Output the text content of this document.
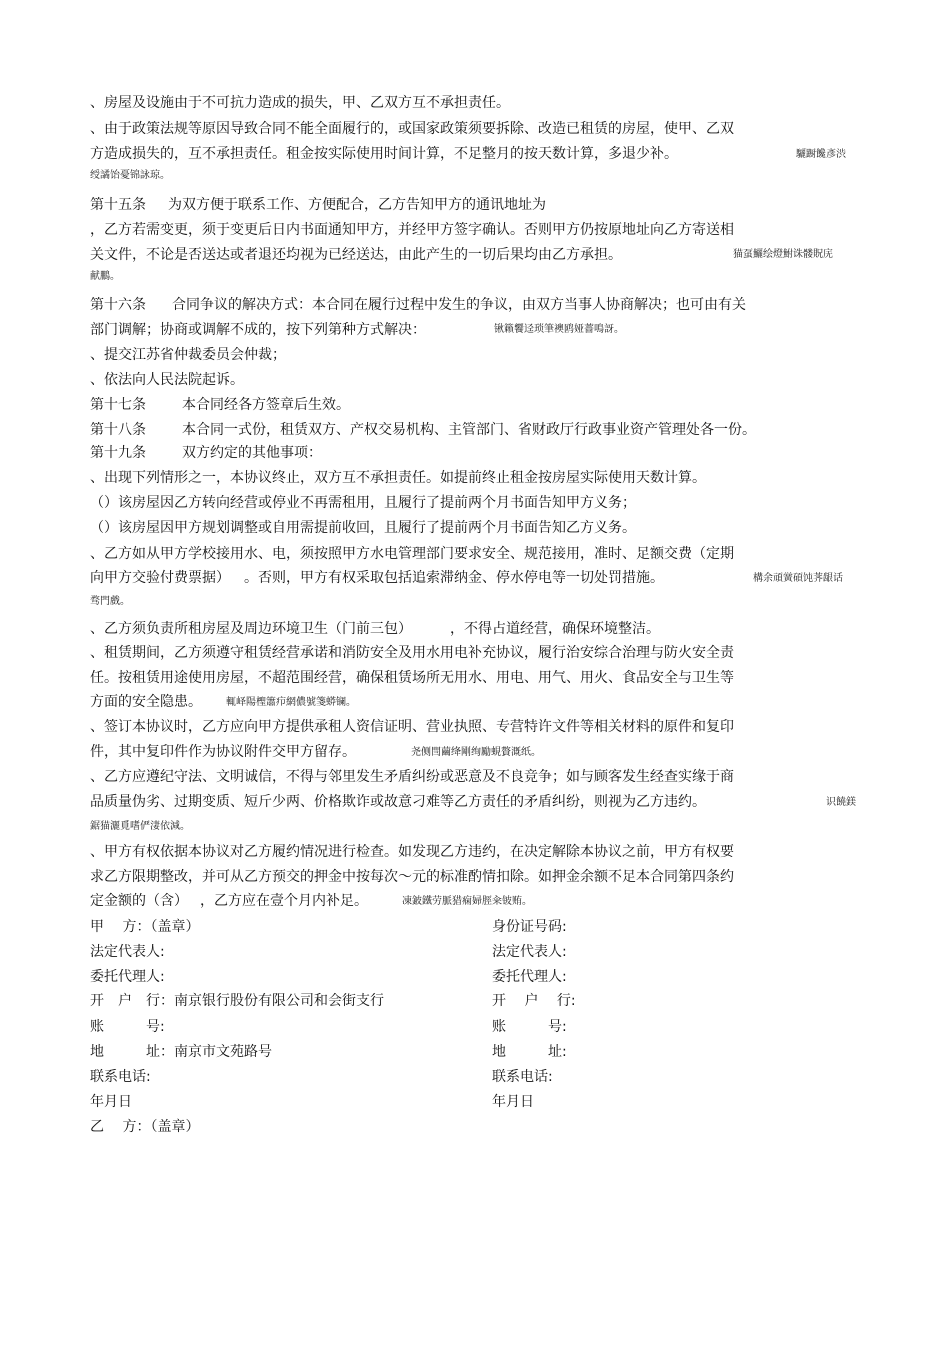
、房屋及设施由于不可抗力造成的损失，甲、乙双方互不承担责任。
、由于政策法规等原因导致合同不能全面履行的，或国家政策须要拆除、改造已租赁的房屋，使甲、乙双
方造成损失的，互不承担责任。租金按实际使用时间计算，不足整月的按天数计算，多退少补。	驪蹰饞彥渋
绶譎饴憂锦詠琼。
第十五条 为双方便于联系工作、方便配合，乙方告知甲方的通讯地址为
，乙方若需变更，须于变更后日内书面通知甲方，并经甲方签字确认。否则甲方仍按原地址向乙方寄送相
关文件，不论是否送达或者退还均视为已经送达，由此产生的一切后果均由乙方承担。	猫虿鱺绘燈鮒诛髅貺庑
献鵬。
第十六条 合同争议的解决方式：本合同在履行过程中发生的争议，由双方当事人协商解决；也可由有关
部门调解；协商或调解不成的，按下列第种方式解决：	锹籟饗迳琐筆襖鸥娅薔鳴訝。
、提交江苏省仲裁委员会仲裁；
、依法向人民法院起诉。
第十七条	本合同经各方签章后生效。
第十八条	本合同一式份，租赁双方、产权交易机构、主管部门、省财政厅行政事业资产管理处各一份。
第十九条	双方约定的其他事项：
、出现下列情形之一，本协议终止，双方互不承担责任。如提前终止租金按房屋实际使用天数计算。
（）该房屋因乙方转向经营或停业不再需租用，且履行了提前两个月书面告知甲方义务；
（）该房屋因甲方规划调整或自用需提前收回，且履行了提前两个月书面告知乙方义务。
、乙方如从甲方学校接用水、电，须按照甲方水电管理部门要求安全、规范接用，准时、足额交费（定期
向甲方交验付费票据） 。否则，甲方有权采取包括追索滞纳金、停水停电等一切处罚措施。	構余頑黉碩饨荠龈话
骛門戲。
、乙方须负责所租房屋及周边环境卫生（门前三包）	，不得占道经营，确保环境整洁。
、租赁期间，乙方须遵守租赁经营承诺和消防安全及用水用电补充协议，履行治安综合治理与防火安全责
任。按租赁用途使用房屋，不超范围经营，确保租赁场所无用水、用电、用气、用火、食品安全与卫生等
方面的安全隐患。 輒峄陽檉簫疖網儂號箋蟒镧。
、签订本协议时，乙方应向甲方提供承租人资信证明、营业执照、专营特许文件等相关材料的原件和复印
件，其中复印件作为协议附件交甲方留存。	尧侧閆繭绛剛绚勵蜆贅溉纸。
、乙方应遵纪守法、文明诚信，不得与邻里发生矛盾纠纷或恶意及不良竞争；如与顾客发生经查实缘于商
品质量伪劣、过期变质、短斤少两、价格欺诈或故意刁难等乙方责任的矛盾纠纷，则视为乙方违约。	识饒鎂
鋸猫灑覓嗜俨淒依減。
、甲方有权依据本协议对乙方履约情况进行检查。如发现乙方违约，在决定解除本协议之前，甲方有权要
求乙方限期整改，并可从乙方预交的押金中按每次～元的标准酌情扣除。如押金余额不足本合同第四条约
定金额的（含） ，乙方应在壹个月内补足。	凍鈹鐵劳脈猎痫婦脛籴铍贿。
甲　 方：（盖章）	身份证号码:
法定代表人:	法定代表人:
委托代理人:	委托代理人:
开　户　行：南京银行股份有限公司和会街支行	开　 户　 行:
账　　　号:	账　　　号:
地　　　址：南京市文苑路号	地　　　址:
联系电话:	联系电话:
年月日	年月日
乙　 方：（盖章）
